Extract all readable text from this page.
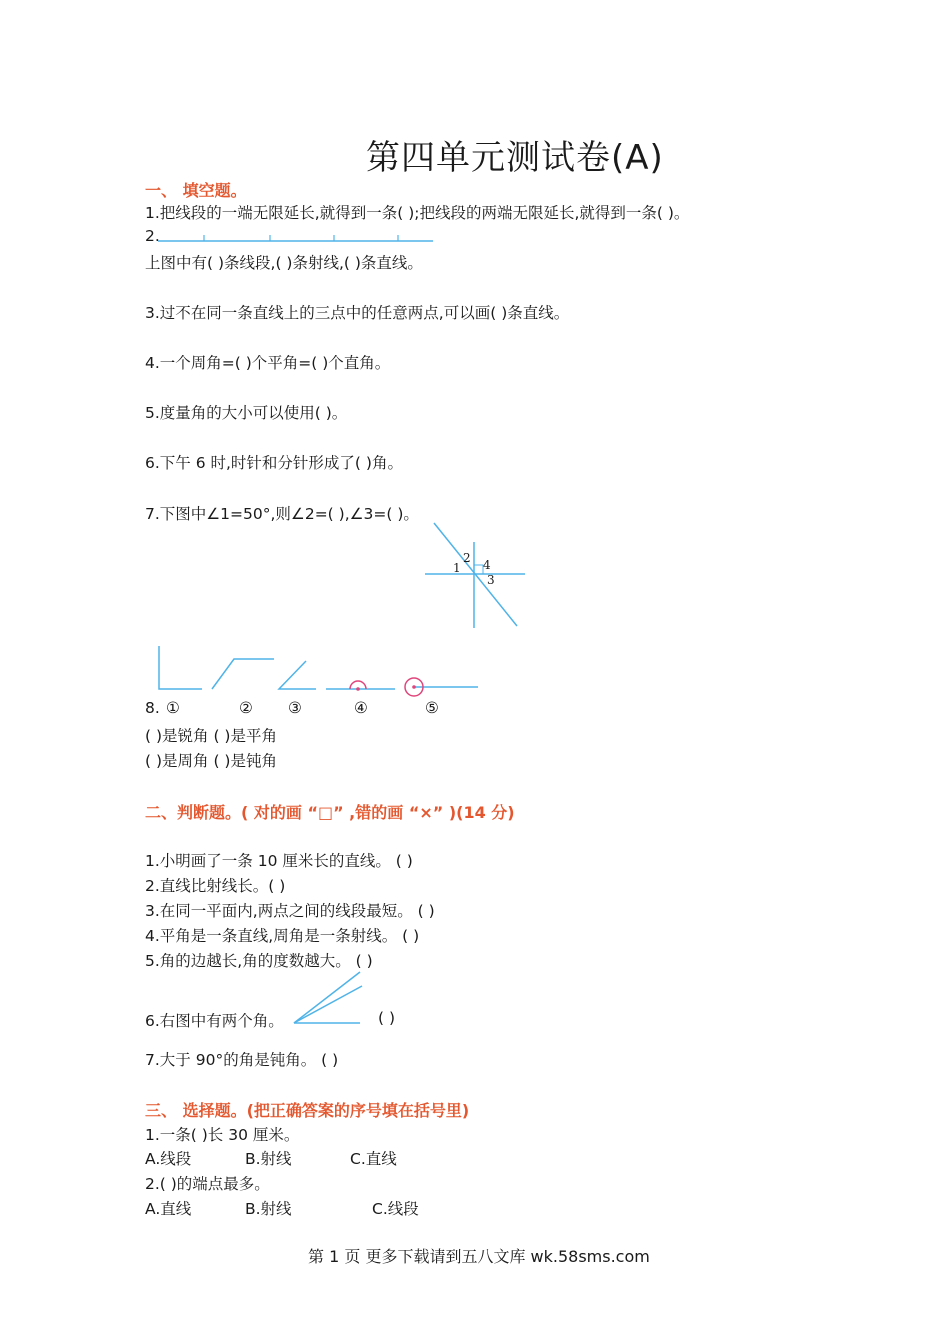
第四单元测试卷(A)
一、 填空题。
1.把线段的一端无限延长,就得到一条( );把线段的两端无限延长,就得到一条( )。
2.
上图中有( )条线段,( )条射线,( )条直线。
3.过不在同一条直线上的三点中的任意两点,可以画( )条直线。
4.一个周角=( )个平角=( )个直角。
5.度量角的大小可以使用( )。
6.下午 6 时,时针和分针形成了( )角。
7.下图中∠1=50°,则∠2=( ),∠3=( )。
1
2 4
3
8. ①	② ③	④	⑤
( )是锐角 ( )是平角
( )是周角 ( )是钝角
二、判断题。( 对的画 “□” ,错的画 “×” )(14 分)
1.小明画了一条 10 厘米长的直线。 ( )
2.直线比射线长。( )
3.在同一平面内,两点之间的线段最短。 ( )
4.平角是一条直线,周角是一条射线。 ( )
5.角的边越长,角的度数越大。 ( )
6.右图中有两个角。	( )
7.大于 90°的角是钝角。 ( )
三、 选择题。(把正确答案的序号填在括号里)
1.一条( )长 30 厘米。
A.线段	B.射线	C.直线
2.( )的端点最多。
A.直线	B.射线	C.线段
第 1 页 更多下载请到五八文库 wk.58sms.com
